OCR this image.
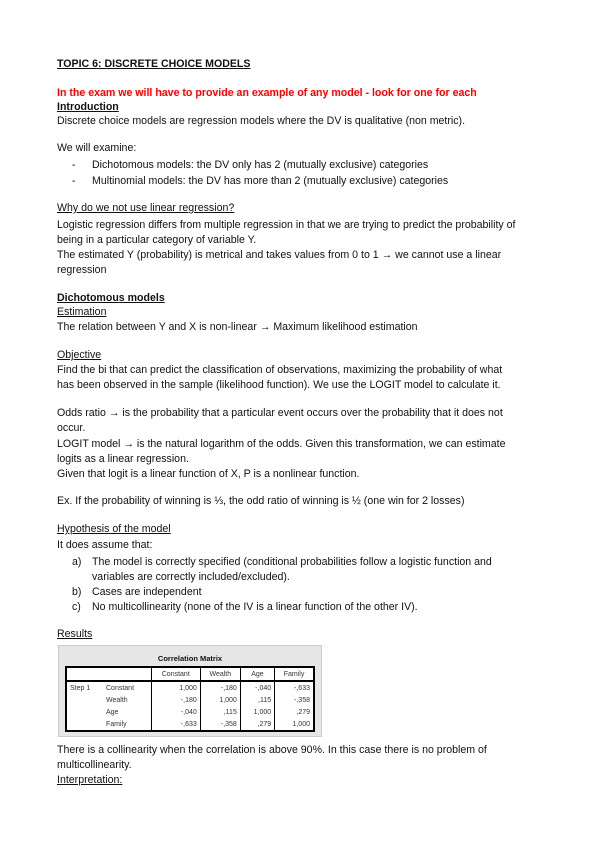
TOPIC 6: DISCRETE CHOICE MODELS
In the exam we will have to provide an example of any model - look for one for each
Introduction
Discrete choice models are regression models where the DV is qualitative (non metric).
We will examine:
- Dichotomous models: the DV only has 2 (mutually exclusive) categories
- Multinomial models: the DV has more than 2 (mutually exclusive) categories
Why do we not use linear regression?
Logistic regression differs from multiple regression in that we are trying to predict the probability of
being in a particular category of variable Y.
The estimated Y (probability) is metrical and takes values from 0 to 1 → we cannot use a linear
regression
Dichotomous models
Estimation
The relation between Y and X is non-linear → Maximum likelihood estimation
Objective
Find the bi that can predict the classification of observations, maximizing the probability of what
has been observed in the sample (likelihood function). We use the LOGIT model to calculate it.
Odds ratio → is the probability that a particular event occurs over the probability that it does not
occur.
LOGIT model → is the natural logarithm of the odds. Given this transformation, we can estimate
logits as a linear regression.
Given that logit is a linear function of X, P is a nonlinear function.
Ex. If the probability of winning is ⅓, the odd ratio of winning is ½ (one win for 2 losses)
Hypothesis of the model
It does assume that:
a) The model is correctly specified (conditional probabilities follow a logistic function and
variables are correctly included/excluded).
b) Cases are independent
c) No multicollinearity (none of the IV is a linear function of the other IV).
Results
Correlation Matrix
		Constant	Wealth	Age	Family
Step 1	Constant	1,000	-,180	-,040	-,633
	Wealth	-,180	1,000	,115	-,358
	Age	-,040	,115	1,000	,279
	Family	-,633	-,358	,279	1,000
There is a collinearity when the correlation is above 90%. In this case there is no problem of
multicollinearity.
Interpretation:
